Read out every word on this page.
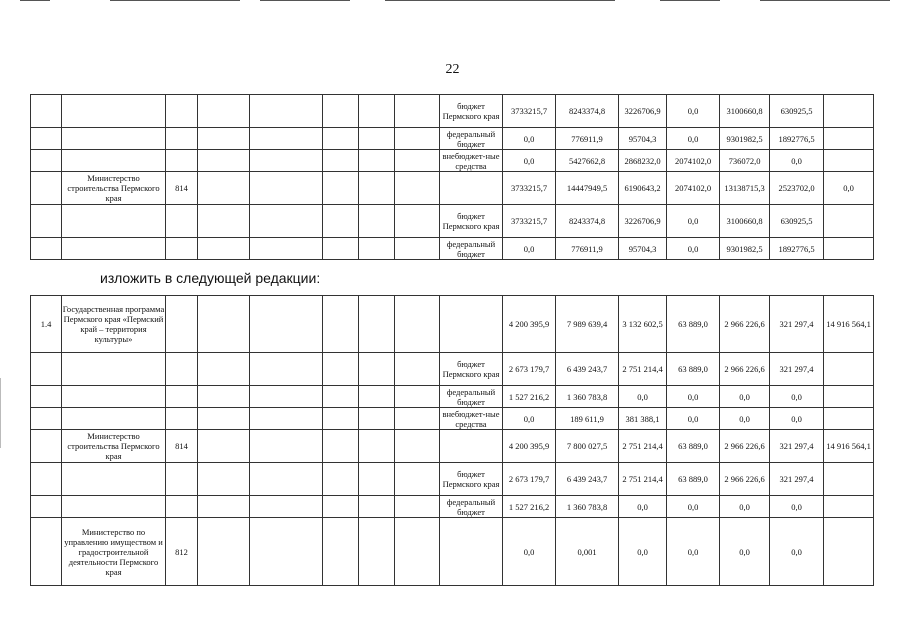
22
								бюджет Пермского края	3733215,7	8243374,8	3226706,9	0,0	3100660,8	630925,5	
								федеральный бюджет	0,0	776911,9	95704,3	0,0	9301982,5	1892776,5	
								внебюджет-ные средства	0,0	5427662,8	2868232,0	2074102,0	736072,0	0,0	
	Министерство строительства Пермского края	814							3733215,7	14447949,5	6190643,2	2074102,0	13138715,3	2523702,0	0,0
								бюджет Пермского края	3733215,7	8243374,8	3226706,9	0,0	3100660,8	630925,5	
								федеральный бюджет	0,0	776911,9	95704,3	0,0	9301982,5	1892776,5	
изложить в следующей редакции:
1.4	Государственная программа Пермского края «Пермский край – территория культуры»								4 200 395,9	7 989 639,4	3 132 602,5	63 889,0	2 966 226,6	321 297,4	14 916 564,1
								бюджет Пермского края	2 673 179,7	6 439 243,7	2 751 214,4	63 889,0	2 966 226,6	321 297,4	
								федеральный бюджет	1 527 216,2	1 360 783,8	0,0	0,0	0,0	0,0	
								внебюджет-ные средства	0,0	189 611,9	381 388,1	0,0	0,0	0,0	
	Министерство строительства Пермского края	814							4 200 395,9	7 800 027,5	2 751 214,4	63 889,0	2 966 226,6	321 297,4	14 916 564,1
								бюджет Пермского края	2 673 179,7	6 439 243,7	2 751 214,4	63 889,0	2 966 226,6	321 297,4	
								федеральный бюджет	1 527 216,2	1 360 783,8	0,0	0,0	0,0	0,0	
	Министерство по управлению имуществом и градостроительной деятельности Пермского края	812							0,0	0,001	0,0	0,0	0,0	0,0	
